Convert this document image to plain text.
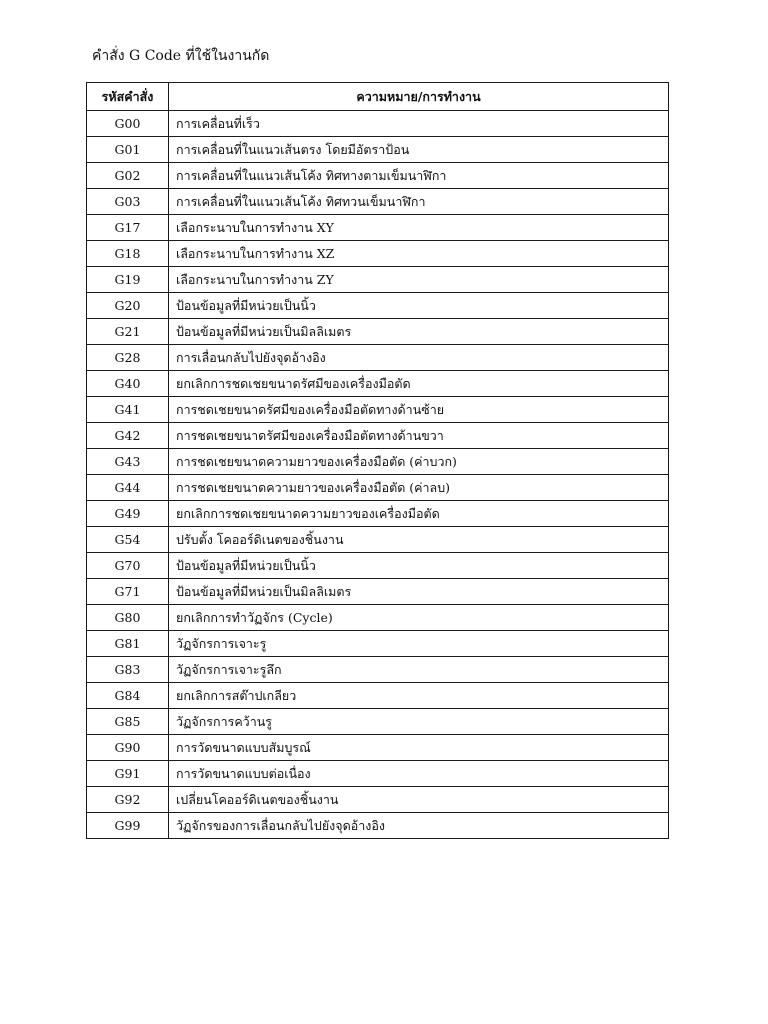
คำสั่ง G Code ที่ใช้ในงานกัด
รหัสคำสั่ง	ความหมาย/การทำงาน
G00	การเคลื่อนที่เร็ว
G01	การเคลื่อนที่ในแนวเส้นตรง โดยมีอัตราป้อน
G02	การเคลื่อนที่ในแนวเส้นโค้ง ทิศทางตามเข็มนาฬิกา
G03	การเคลื่อนที่ในแนวเส้นโค้ง ทิศทวนเข็มนาฬิกา
G17	เลือกระนาบในการทำงาน XY
G18	เลือกระนาบในการทำงาน XZ
G19	เลือกระนาบในการทำงาน ZY
G20	ป้อนข้อมูลที่มีหน่วยเป็นนิ้ว
G21	ป้อนข้อมูลที่มีหน่วยเป็นมิลลิเมตร
G28	การเลื่อนกลับไปยังจุดอ้างอิง
G40	ยกเลิกการชดเชยขนาดรัศมีของเครื่องมือตัด
G41	การชดเชยขนาดรัศมีของเครื่องมือตัดทางด้านซ้าย
G42	การชดเชยขนาดรัศมีของเครื่องมือตัดทางด้านขวา
G43	การชดเชยขนาดความยาวของเครื่องมือตัด (ค่าบวก)
G44	การชดเชยขนาดความยาวของเครื่องมือตัด (ค่าลบ)
G49	ยกเลิกการชดเชยขนาดความยาวของเครื่องมือตัด
G54	ปรับตั้ง โคออร์ดิเนตของชิ้นงาน
G70	ป้อนข้อมูลที่มีหน่วยเป็นนิ้ว
G71	ป้อนข้อมูลที่มีหน่วยเป็นมิลลิเมตร
G80	ยกเลิกการทำวัฏจักร (Cycle)
G81	วัฏจักรการเจาะรู
G83	วัฏจักรการเจาะรูลึก
G84	ยกเลิกการสต๊าปเกลียว
G85	วัฏจักรการคว้านรู
G90	การวัดขนาดแบบสัมบูรณ์
G91	การวัดขนาดแบบต่อเนื่อง
G92	เปลี่ยนโคออร์ดิเนตของชิ้นงาน
G99	วัฏจักรของการเลื่อนกลับไปยังจุดอ้างอิง
